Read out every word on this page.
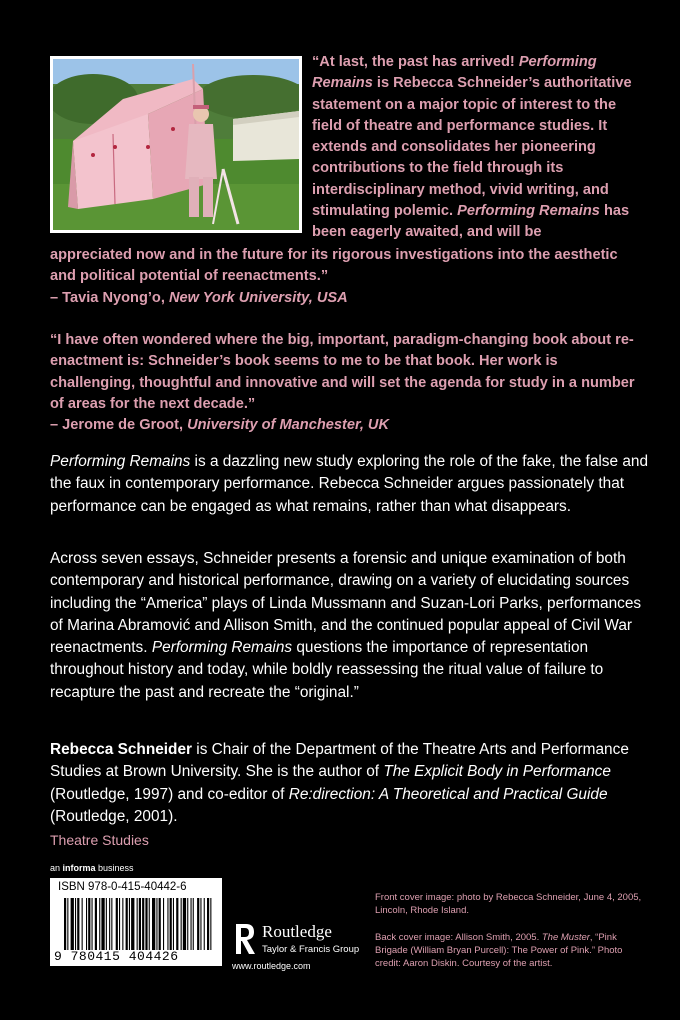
“At last, the past has arrived! Performing Remains is Rebecca Schneider’s authoritative statement on a major topic of interest to the field of theatre and performance studies. It extends and consolidates her pioneering contributions to the field through its interdisciplinary method, vivid writing, and stimulating polemic. Performing Remains has been eagerly awaited, and will be
appreciated now and in the future for its rigorous investigations into the aesthetic and political potential of reenactments.”
– Tavia Nyong’o, New York University, USA
“I have often wondered where the big, important, paradigm-changing book about re-enactment is: Schneider’s book seems to me to be that book. Her work is challenging, thoughtful and innovative and will set the agenda for study in a number of areas for the next decade.”
– Jerome de Groot, University of Manchester, UK
Performing Remains is a dazzling new study exploring the role of the fake, the false and the faux in contemporary performance. Rebecca Schneider argues passionately that performance can be engaged as what remains, rather than what disappears.
Across seven essays, Schneider presents a forensic and unique examination of both contemporary and historical performance, drawing on a variety of elucidating sources including the “America” plays of Linda Mussmann and Suzan-Lori Parks, performances of Marina Abramović and Allison Smith, and the continued popular appeal of Civil War reenactments. Performing Remains questions the importance of representation throughout history and today, while boldly reassessing the ritual value of failure to recapture the past and recreate the “original.”
Rebecca Schneider is Chair of the Department of the Theatre Arts and Performance Studies at Brown University. She is the author of The Explicit Body in Performance (Routledge, 1997) and co-editor of Re:direction: A Theoretical and Practical Guide (Routledge, 2001).
Theatre Studies
an informa business
ISBN 978-0-415-40442-6
9 780415 404426
Routledge
Taylor & Francis Group
www.routledge.com
Front cover image: photo by Rebecca Schneider, June 4, 2005, Lincoln, Rhode Island.
Back cover image: Allison Smith, 2005. The Muster, “Pink Brigade (William Bryan Purcell): The Power of Pink.” Photo credit: Aaron Diskin. Courtesy of the artist.
